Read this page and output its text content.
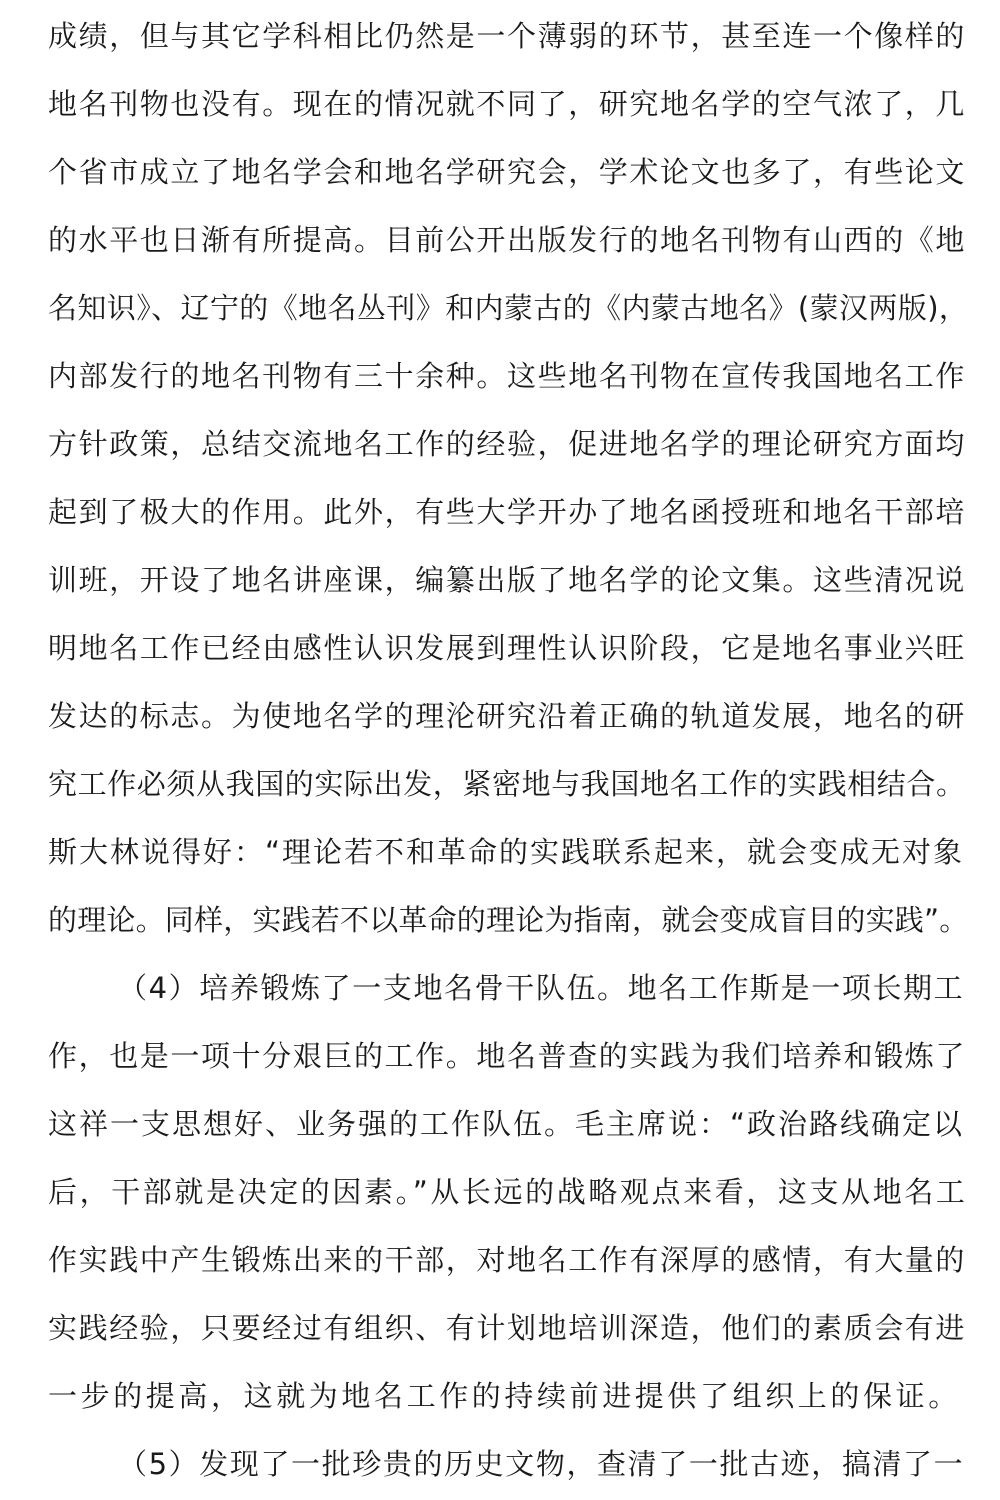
成绩，但与其它学科相比仍然是一个薄弱的环节，甚至连一个像样的
地名刊物也没有。现在的情况就不同了，研究地名学的空气浓了，几
个省市成立了地名学会和地名学研究会，学术论文也多了，有些论文
的水平也日渐有所提高。目前公开出版发行的地名刊物有山西的《地
名知识》、辽宁的《地名丛刊》和内蒙古的《内蒙古地名》(蒙汉两版)，
内部发行的地名刊物有三十余种。这些地名刊物在宣传我国地名工作
方针政策，总结交流地名工作的经验，促进地名学的理论研究方面均
起到了极大的作用。此外，有些大学开办了地名函授班和地名干部培
训班，开设了地名讲座课，编纂出版了地名学的论文集。这些清况说
明地名工作已经由感性认识发展到理性认识阶段，它是地名事业兴旺
发达的标志。为使地名学的理沦研究沿着正确的轨道发展，地名的研
究工作必须从我国的实际出发，紧密地与我国地名工作的实践相结合。
斯大林说得好：“理论若不和革命的实践联系起来，就会变成无对象
的理论。同样，实践若不以革命的理论为指南，就会变成盲目的实践”。
（4）培养锻炼了一支地名骨干队伍。地名工作斯是一项长期工
作，也是一项十分艰巨的工作。地名普查的实践为我们培养和锻炼了
这祥一支思想好、业务强的工作队伍。毛主席说：“政治路线确定以
后，干部就是决定的因素。”从长远的战略观点来看，这支从地名工
作实践中产生锻炼出来的干部，对地名工作有深厚的感情，有大量的
实践经验，只要经过有组织、有计划地培训深造，他们的素质会有进
一步的提高，这就为地名工作的持续前进提供了组织上的保证。
（5）发现了一批珍贵的历史文物，查清了一批古迹，搞清了一
